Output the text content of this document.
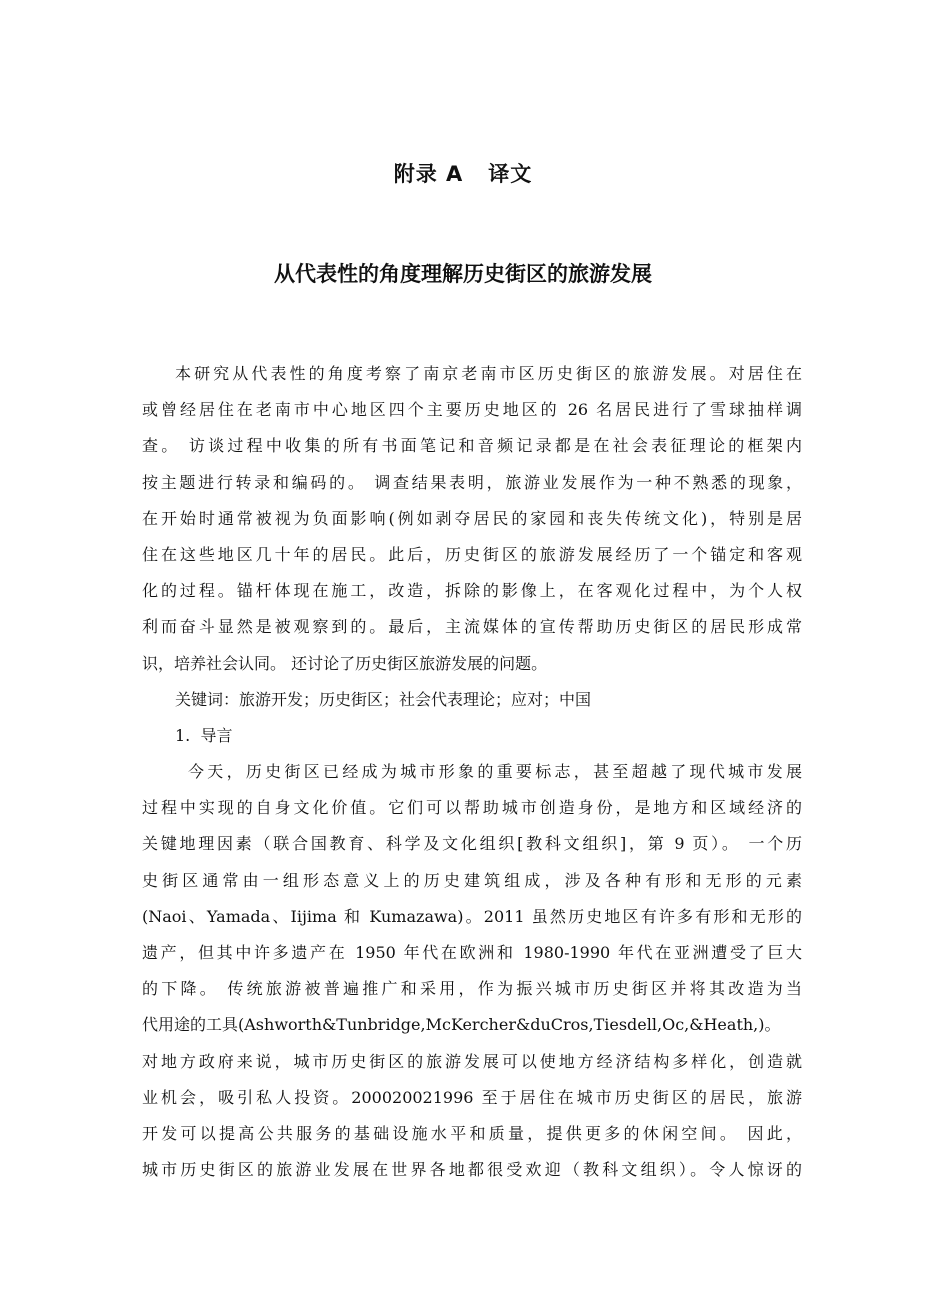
附录 A   译文
从代表性的角度理解历史街区的旅游发展
本研究从代表性的角度考察了南京老南市区历史街区的旅游发展。对居住在
或曾经居住在老南市中心地区四个主要历史地区的 26 名居民进行了雪球抽样调
查。 访谈过程中收集的所有书面笔记和音频记录都是在社会表征理论的框架内
按主题进行转录和编码的。 调查结果表明，旅游业发展作为一种不熟悉的现象，
在开始时通常被视为负面影响(例如剥夺居民的家园和丧失传统文化)，特别是居
住在这些地区几十年的居民。此后，历史街区的旅游发展经历了一个锚定和客观
化的过程。锚杆体现在施工，改造，拆除的影像上，在客观化过程中，为个人权
利而奋斗显然是被观察到的。最后，主流媒体的宣传帮助历史街区的居民形成常
识，培养社会认同。 还讨论了历史街区旅游发展的问题。
关键词：旅游开发；历史街区；社会代表理论；应对；中国
1.  导言
今天，历史街区已经成为城市形象的重要标志，甚至超越了现代城市发展
过程中实现的自身文化价值。它们可以帮助城市创造身份，是地方和区域经济的
关键地理因素（联合国教育、科学及文化组织[教科文组织]，第 9 页）。 一个历
史街区通常由一组形态意义上的历史建筑组成，涉及各种有形和无形的元素
(Naoi、Yamada、Iijima 和 Kumazawa)。2011 虽然历史地区有许多有形和无形的
遗产，但其中许多遗产在 1950 年代在欧洲和 1980-1990 年代在亚洲遭受了巨大
的下降。 传统旅游被普遍推广和采用，作为振兴城市历史街区并将其改造为当
代用途的工具(Ashworth&Tunbridge,McKercher&duCros,Tiesdell,Oc,&Heath,)。
对地方政府来说，城市历史街区的旅游发展可以使地方经济结构多样化，创造就
业机会，吸引私人投资。200020021996 至于居住在城市历史街区的居民，旅游
开发可以提高公共服务的基础设施水平和质量，提供更多的休闲空间。 因此，
城市历史街区的旅游业发展在世界各地都很受欢迎（教科文组织）。令人惊讶的
